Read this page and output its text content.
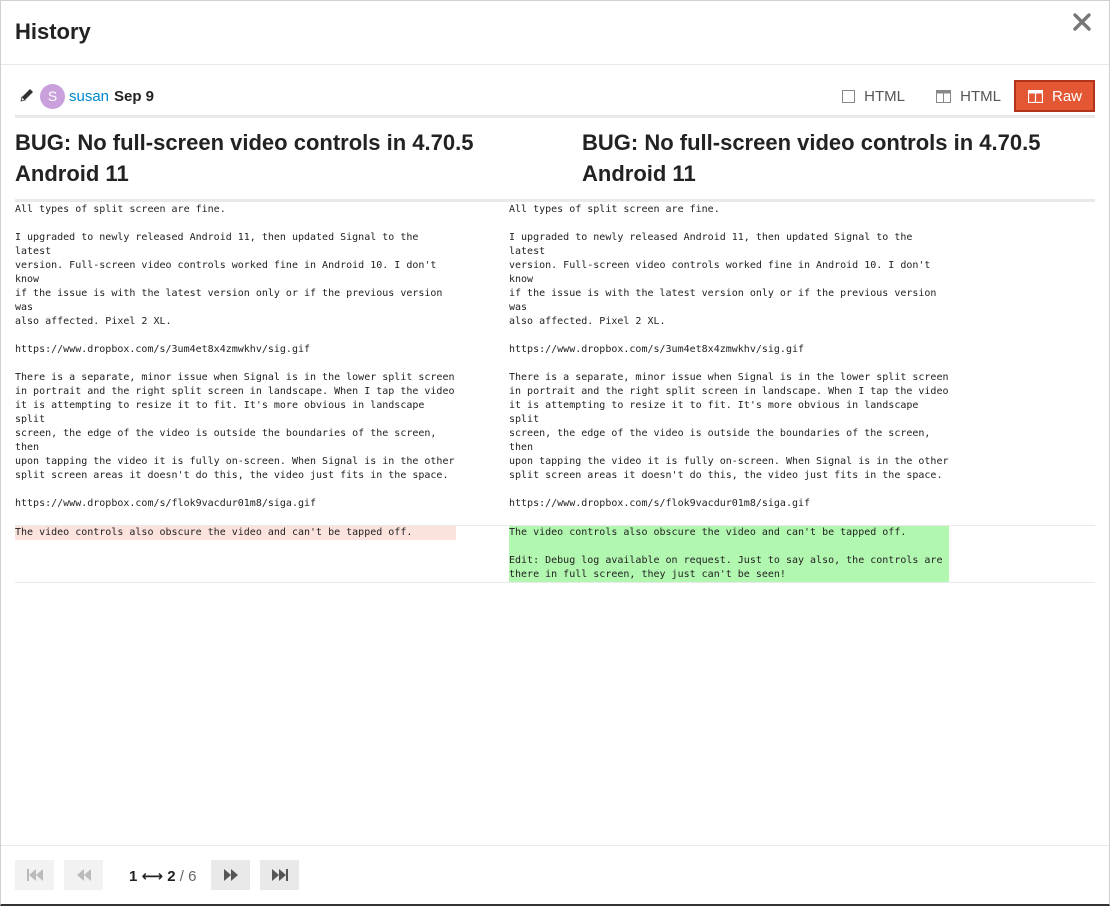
History
S susan Sep 9	HTML	HTML	Raw
BUG: No full-screen video controls in 4.70.5 Android 11
BUG: No full-screen video controls in 4.70.5 Android 11
All types of split screen are fine.

I upgraded to newly released Android 11, then updated Signal to the latest
version. Full-screen video controls worked fine in Android 10. I don't know
if the issue is with the latest version only or if the previous version was
also affected. Pixel 2 XL.

https://www.dropbox.com/s/3um4et8x4zmwkhv/sig.gif

There is a separate, minor issue when Signal is in the lower split screen
in portrait and the right split screen in landscape. When I tap the video
it is attempting to resize it to fit. It's more obvious in landscape split
screen, the edge of the video is outside the boundaries of the screen, then
upon tapping the video it is fully on-screen. When Signal is in the other
split screen areas it doesn't do this, the video just fits in the space.

https://www.dropbox.com/s/flok9vacdur01m8/siga.gif
All types of split screen are fine.

I upgraded to newly released Android 11, then updated Signal to the latest
version. Full-screen video controls worked fine in Android 10. I don't know
if the issue is with the latest version only or if the previous version was
also affected. Pixel 2 XL.

https://www.dropbox.com/s/3um4et8x4zmwkhv/sig.gif

There is a separate, minor issue when Signal is in the lower split screen
in portrait and the right split screen in landscape. When I tap the video
it is attempting to resize it to fit. It's more obvious in landscape split
screen, the edge of the video is outside the boundaries of the screen, then
upon tapping the video it is fully on-screen. When Signal is in the other
split screen areas it doesn't do this, the video just fits in the space.

https://www.dropbox.com/s/flok9vacdur01m8/siga.gif
The video controls also obscure the video and can't be tapped off.	The video controls also obscure the video and can't be tapped off.

Edit: Debug log available on request. Just to say also, the controls are
there in full screen, they just can't be seen!
1 ⟷ 2 / 6
